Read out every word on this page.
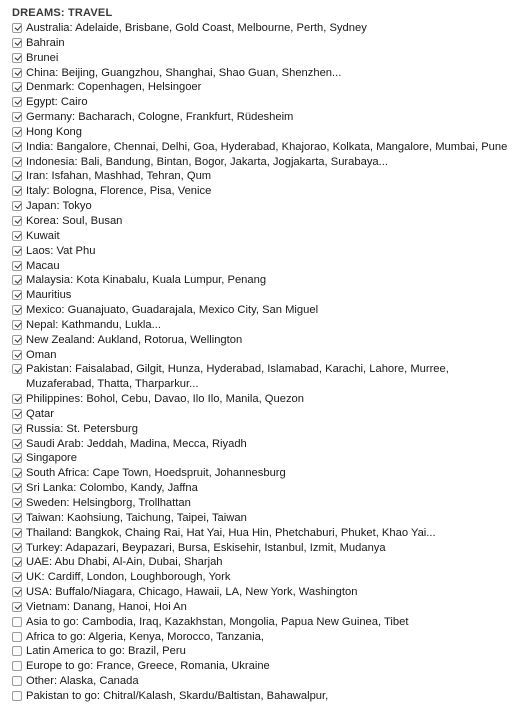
DREAMS: TRAVEL
Australia: Adelaide, Brisbane, Gold Coast, Melbourne, Perth, Sydney
Bahrain
Brunei
China: Beijing, Guangzhou, Shanghai, Shao Guan, Shenzhen...
Denmark: Copenhagen, Helsingoer
Egypt: Cairo
Germany: Bacharach, Cologne, Frankfurt, Rüdesheim
Hong Kong
India: Bangalore, Chennai, Delhi, Goa, Hyderabad, Khajorao, Kolkata, Mangalore, Mumbai, Pune
Indonesia: Bali, Bandung, Bintan, Bogor, Jakarta, Jogjakarta, Surabaya...
Iran: Isfahan, Mashhad, Tehran, Qum
Italy: Bologna, Florence, Pisa, Venice
Japan: Tokyo
Korea: Soul, Busan
Kuwait
Laos: Vat Phu
Macau
Malaysia: Kota Kinabalu, Kuala Lumpur, Penang
Mauritius
Mexico: Guanajuato, Guadarajala, Mexico City, San Miguel
Nepal: Kathmandu, Lukla...
New Zealand: Aukland, Rotorua, Wellington
Oman
Pakistan: Faisalabad, Gilgit, Hunza, Hyderabad, Islamabad, Karachi, Lahore, Murree, Muzaferabad, Thatta, Tharparkur...
Philippines: Bohol, Cebu, Davao, Ilo Ilo, Manila, Quezon
Qatar
Russia: St. Petersburg
Saudi Arab: Jeddah, Madina, Mecca, Riyadh
Singapore
South Africa: Cape Town, Hoedspruit, Johannesburg
Sri Lanka: Colombo, Kandy, Jaffna
Sweden: Helsingborg, Trollhattan
Taiwan: Kaohsiung, Taichung, Taipei, Taiwan
Thailand: Bangkok, Chaing Rai, Hat Yai, Hua Hin, Phetchaburi, Phuket, Khao Yai...
Turkey: Adapazari, Beypazari, Bursa, Eskisehir, Istanbul, Izmit, Mudanya
UAE: Abu Dhabi, Al-Ain, Dubai, Sharjah
UK: Cardiff, London, Loughborough, York
USA: Buffalo/Niagara, Chicago, Hawaii, LA, New York, Washington
Vietnam: Danang, Hanoi, Hoi An
Asia to go: Cambodia, Iraq, Kazakhstan, Mongolia, Papua New Guinea, Tibet
Africa to go: Algeria, Kenya, Morocco, Tanzania,
Latin America to go: Brazil, Peru
Europe to go: France, Greece, Romania, Ukraine
Other: Alaska, Canada
Pakistan to go: Chitral/Kalash, Skardu/Baltistan, Bahawalpur,
